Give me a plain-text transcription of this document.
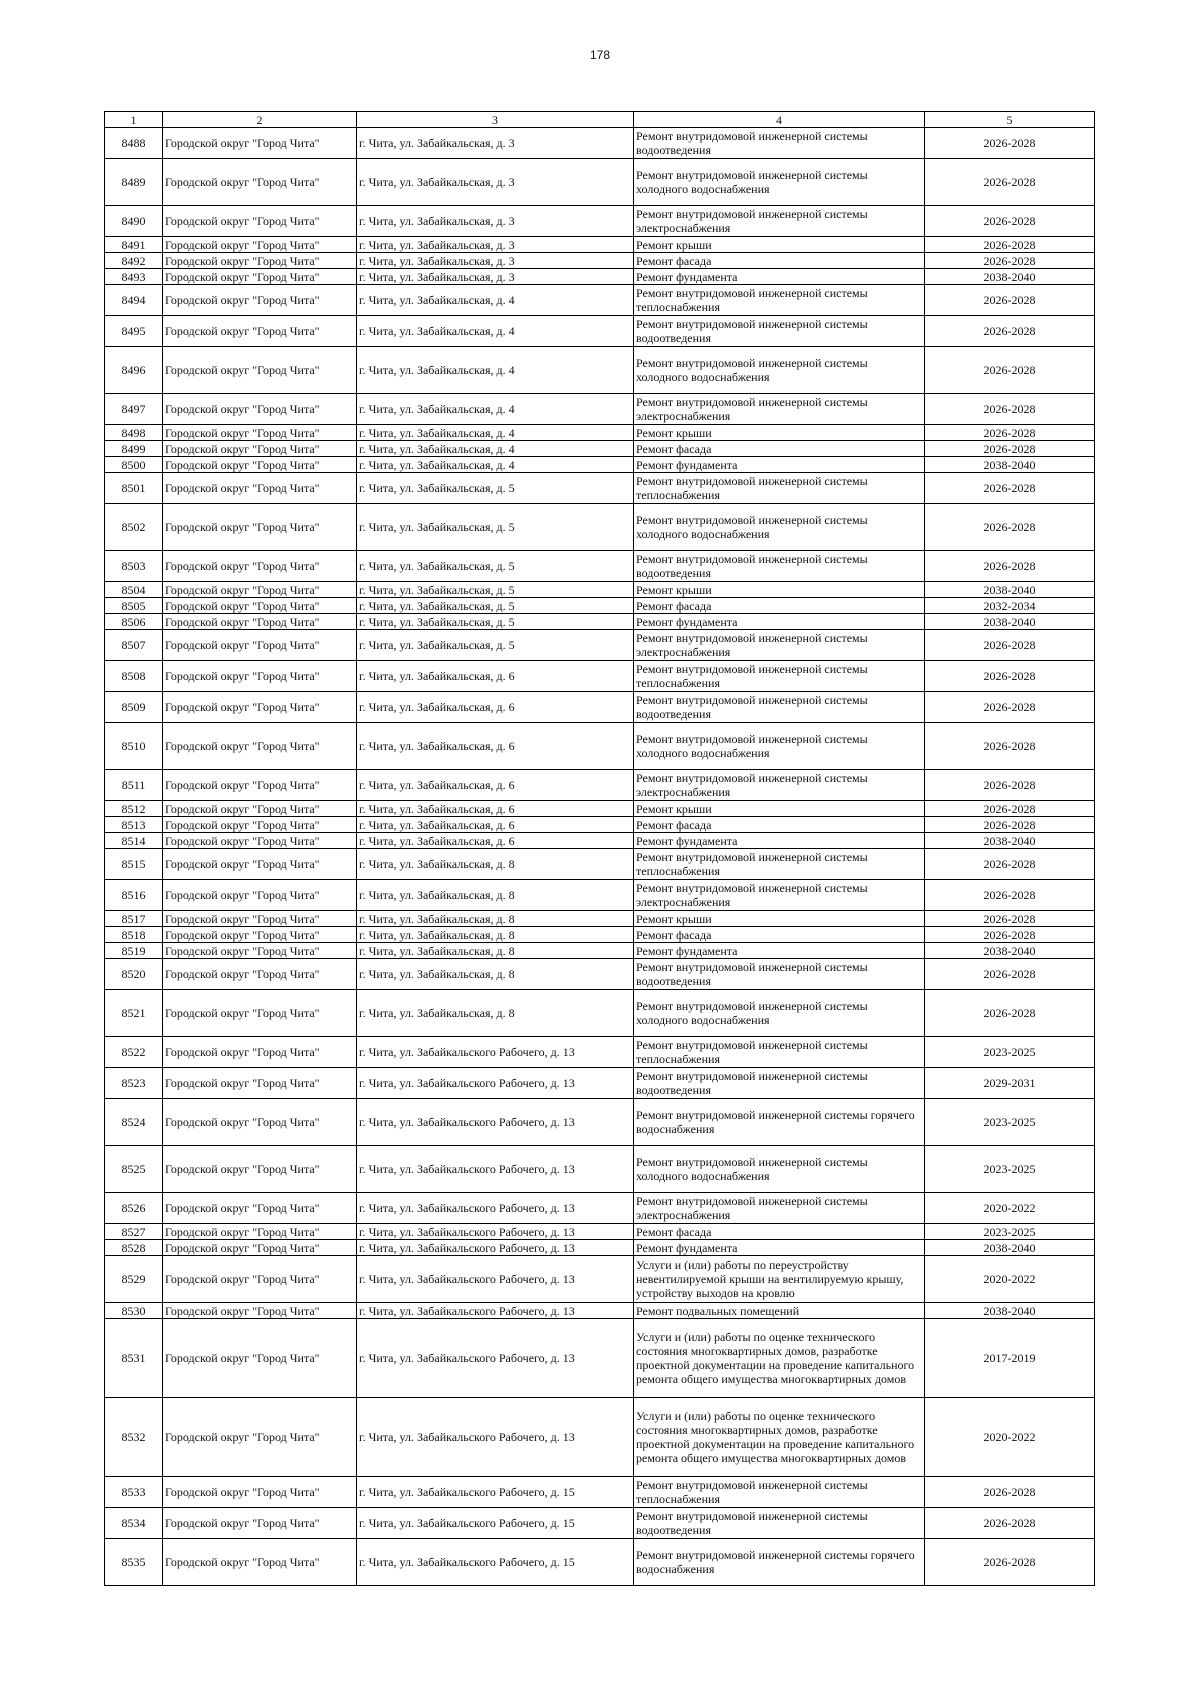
178
1	2	3	4	5
8488	Городской округ "Город Чита"	г. Чита, ул. Забайкальская, д. 3	Ремонт внутридомовой инженерной системы водоотведения	2026-2028
8489	Городской округ "Город Чита"	г. Чита, ул. Забайкальская, д. 3	Ремонт внутридомовой инженерной системы холодного водоснабжения	2026-2028
8490	Городской округ "Город Чита"	г. Чита, ул. Забайкальская, д. 3	Ремонт внутридомовой инженерной системы электроснабжения	2026-2028
8491	Городской округ "Город Чита"	г. Чита, ул. Забайкальская, д. 3	Ремонт крыши	2026-2028
8492	Городской округ "Город Чита"	г. Чита, ул. Забайкальская, д. 3	Ремонт фасада	2026-2028
8493	Городской округ "Город Чита"	г. Чита, ул. Забайкальская, д. 3	Ремонт фундамента	2038-2040
8494	Городской округ "Город Чита"	г. Чита, ул. Забайкальская, д. 4	Ремонт внутридомовой инженерной системы теплоснабжения	2026-2028
8495	Городской округ "Город Чита"	г. Чита, ул. Забайкальская, д. 4	Ремонт внутридомовой инженерной системы водоотведения	2026-2028
8496	Городской округ "Город Чита"	г. Чита, ул. Забайкальская, д. 4	Ремонт внутридомовой инженерной системы холодного водоснабжения	2026-2028
8497	Городской округ "Город Чита"	г. Чита, ул. Забайкальская, д. 4	Ремонт внутридомовой инженерной системы электроснабжения	2026-2028
8498	Городской округ "Город Чита"	г. Чита, ул. Забайкальская, д. 4	Ремонт крыши	2026-2028
8499	Городской округ "Город Чита"	г. Чита, ул. Забайкальская, д. 4	Ремонт фасада	2026-2028
8500	Городской округ "Город Чита"	г. Чита, ул. Забайкальская, д. 4	Ремонт фундамента	2038-2040
8501	Городской округ "Город Чита"	г. Чита, ул. Забайкальская, д. 5	Ремонт внутридомовой инженерной системы теплоснабжения	2026-2028
8502	Городской округ "Город Чита"	г. Чита, ул. Забайкальская, д. 5	Ремонт внутридомовой инженерной системы холодного водоснабжения	2026-2028
8503	Городской округ "Город Чита"	г. Чита, ул. Забайкальская, д. 5	Ремонт внутридомовой инженерной системы водоотведения	2026-2028
8504	Городской округ "Город Чита"	г. Чита, ул. Забайкальская, д. 5	Ремонт крыши	2038-2040
8505	Городской округ "Город Чита"	г. Чита, ул. Забайкальская, д. 5	Ремонт фасада	2032-2034
8506	Городской округ "Город Чита"	г. Чита, ул. Забайкальская, д. 5	Ремонт фундамента	2038-2040
8507	Городской округ "Город Чита"	г. Чита, ул. Забайкальская, д. 5	Ремонт внутридомовой инженерной системы электроснабжения	2026-2028
8508	Городской округ "Город Чита"	г. Чита, ул. Забайкальская, д. 6	Ремонт внутридомовой инженерной системы теплоснабжения	2026-2028
8509	Городской округ "Город Чита"	г. Чита, ул. Забайкальская, д. 6	Ремонт внутридомовой инженерной системы водоотведения	2026-2028
8510	Городской округ "Город Чита"	г. Чита, ул. Забайкальская, д. 6	Ремонт внутридомовой инженерной системы холодного водоснабжения	2026-2028
8511	Городской округ "Город Чита"	г. Чита, ул. Забайкальская, д. 6	Ремонт внутридомовой инженерной системы электроснабжения	2026-2028
8512	Городской округ "Город Чита"	г. Чита, ул. Забайкальская, д. 6	Ремонт крыши	2026-2028
8513	Городской округ "Город Чита"	г. Чита, ул. Забайкальская, д. 6	Ремонт фасада	2026-2028
8514	Городской округ "Город Чита"	г. Чита, ул. Забайкальская, д. 6	Ремонт фундамента	2038-2040
8515	Городской округ "Город Чита"	г. Чита, ул. Забайкальская, д. 8	Ремонт внутридомовой инженерной системы теплоснабжения	2026-2028
8516	Городской округ "Город Чита"	г. Чита, ул. Забайкальская, д. 8	Ремонт внутридомовой инженерной системы электроснабжения	2026-2028
8517	Городской округ "Город Чита"	г. Чита, ул. Забайкальская, д. 8	Ремонт крыши	2026-2028
8518	Городской округ "Город Чита"	г. Чита, ул. Забайкальская, д. 8	Ремонт фасада	2026-2028
8519	Городской округ "Город Чита"	г. Чита, ул. Забайкальская, д. 8	Ремонт фундамента	2038-2040
8520	Городской округ "Город Чита"	г. Чита, ул. Забайкальская, д. 8	Ремонт внутридомовой инженерной системы водоотведения	2026-2028
8521	Городской округ "Город Чита"	г. Чита, ул. Забайкальская, д. 8	Ремонт внутридомовой инженерной системы холодного водоснабжения	2026-2028
8522	Городской округ "Город Чита"	г. Чита, ул. Забайкальского Рабочего, д. 13	Ремонт внутридомовой инженерной системы теплоснабжения	2023-2025
8523	Городской округ "Город Чита"	г. Чита, ул. Забайкальского Рабочего, д. 13	Ремонт внутридомовой инженерной системы водоотведения	2029-2031
8524	Городской округ "Город Чита"	г. Чита, ул. Забайкальского Рабочего, д. 13	Ремонт внутридомовой инженерной системы горячего водоснабжения	2023-2025
8525	Городской округ "Город Чита"	г. Чита, ул. Забайкальского Рабочего, д. 13	Ремонт внутридомовой инженерной системы холодного водоснабжения	2023-2025
8526	Городской округ "Город Чита"	г. Чита, ул. Забайкальского Рабочего, д. 13	Ремонт внутридомовой инженерной системы электроснабжения	2020-2022
8527	Городской округ "Город Чита"	г. Чита, ул. Забайкальского Рабочего, д. 13	Ремонт фасада	2023-2025
8528	Городской округ "Город Чита"	г. Чита, ул. Забайкальского Рабочего, д. 13	Ремонт фундамента	2038-2040
8529	Городской округ "Город Чита"	г. Чита, ул. Забайкальского Рабочего, д. 13	Услуги и (или) работы по переустройству невентилируемой крыши на вентилируемую крышу, устройству выходов на кровлю	2020-2022
8530	Городской округ "Город Чита"	г. Чита, ул. Забайкальского Рабочего, д. 13	Ремонт подвальных помещений	2038-2040
8531	Городской округ "Город Чита"	г. Чита, ул. Забайкальского Рабочего, д. 13	Услуги и (или) работы по оценке технического состояния многоквартирных домов, разработке проектной документации на проведение капитального ремонта общего имущества многоквартирных домов	2017-2019
8532	Городской округ "Город Чита"	г. Чита, ул. Забайкальского Рабочего, д. 13	Услуги и (или) работы по оценке технического состояния многоквартирных домов, разработке проектной документации на проведение капитального ремонта общего имущества многоквартирных домов	2020-2022
8533	Городской округ "Город Чита"	г. Чита, ул. Забайкальского Рабочего, д. 15	Ремонт внутридомовой инженерной системы теплоснабжения	2026-2028
8534	Городской округ "Город Чита"	г. Чита, ул. Забайкальского Рабочего, д. 15	Ремонт внутридомовой инженерной системы водоотведения	2026-2028
8535	Городской округ "Город Чита"	г. Чита, ул. Забайкальского Рабочего, д. 15	Ремонт внутридомовой инженерной системы горячего водоснабжения	2026-2028
